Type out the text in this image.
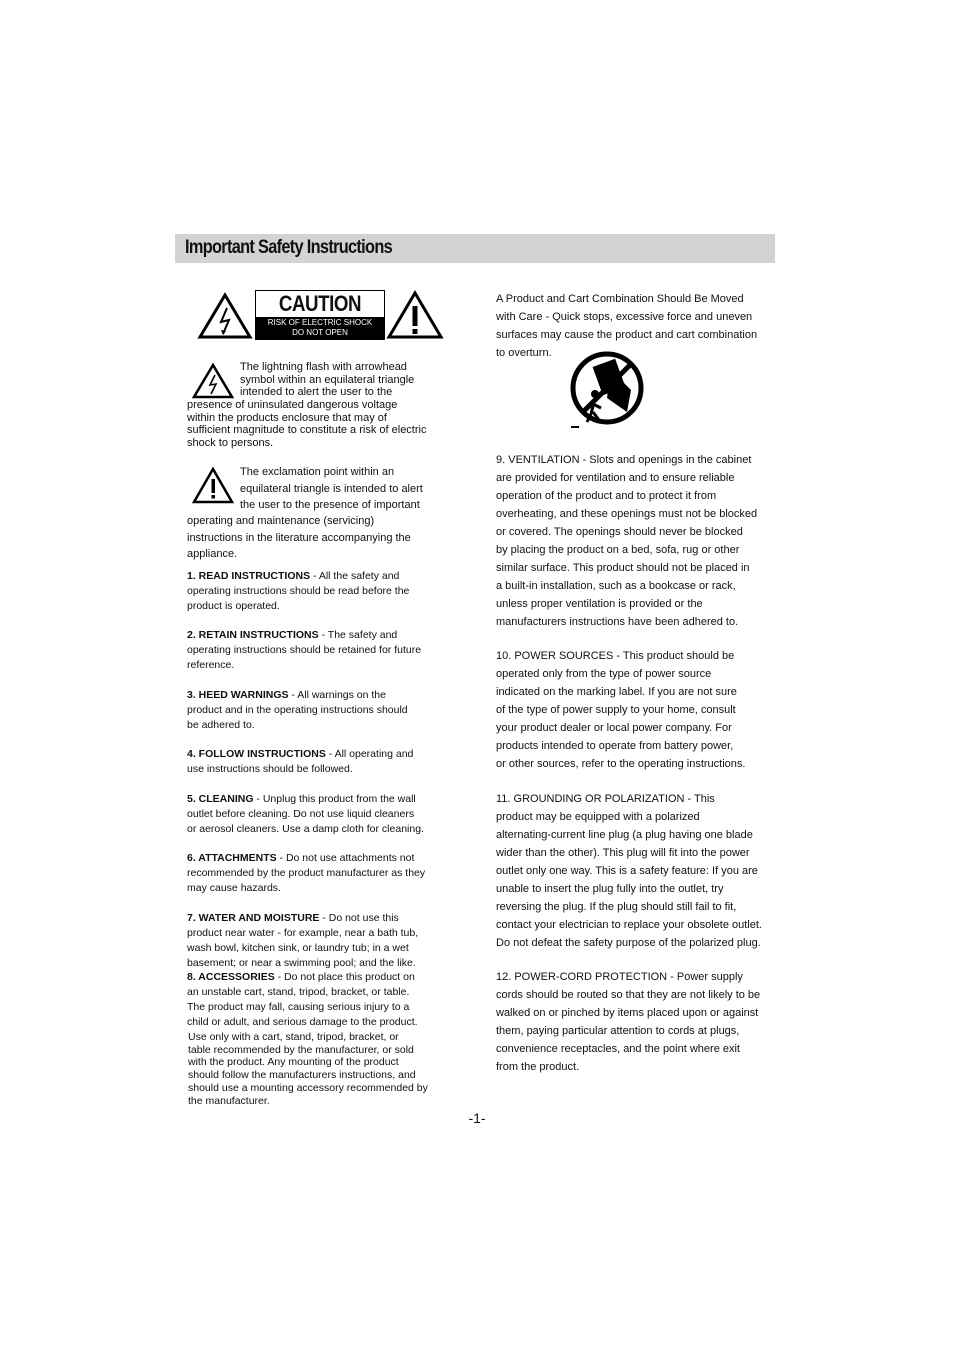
Important Safety Instructions
CAUTION
RISK OF ELECTRIC SHOCK
DO NOT OPEN
The lightning flash with arrowhead
symbol within an equilateral triangle
intended to alert the user to the
presence of uninsulated dangerous voltage
within the products enclosure that may of
sufficient magnitude to constitute a risk of electric
shock to persons.
The exclamation point within an
equilateral triangle is intended to alert
the user to the presence of important
operating and maintenance (servicing)
instructions in the literature accompanying the
appliance.
1. READ INSTRUCTIONS - All the safety and
operating instructions should be read before the
product is operated.
2. RETAIN INSTRUCTIONS - The safety and
operating instructions should be retained for future
reference.
3. HEED WARNINGS - All warnings on the
product and in the operating instructions should
be adhered to.
4. FOLLOW INSTRUCTIONS - All operating and
use instructions should be followed.
5. CLEANING - Unplug this product from the wall
outlet before cleaning. Do not use liquid cleaners
or aerosol cleaners. Use a damp cloth for cleaning.
6. ATTACHMENTS - Do not use attachments not
recommended by the product manufacturer as they
may cause hazards.
7. WATER AND MOISTURE - Do not use this
product near water - for example, near a bath tub,
wash bowl, kitchen sink, or laundry tub; in a wet
basement; or near a swimming pool; and the like.
8. ACCESSORIES - Do not place this product on
an unstable cart, stand, tripod, bracket, or table.
The product may fall, causing serious injury to a
child or adult, and serious damage to the product.
Use only with a cart, stand, tripod, bracket, or
table recommended by the manufacturer, or sold
with the product. Any mounting of the product
should follow the manufacturers instructions, and
should use a mounting accessory recommended by
the manufacturer.
A Product and Cart Combination Should Be Moved
with Care - Quick stops, excessive force and uneven
surfaces may cause the product and cart combination
to overturn.
9. VENTILATION - Slots and openings in the cabinet
are provided for ventilation and to ensure reliable
operation of the product and to protect it from
overheating, and these openings must not be blocked
or covered. The openings should never be blocked
by placing the product on a bed, sofa, rug or other
similar surface. This product should not be placed in
a built-in installation, such as a bookcase or rack,
unless proper ventilation is provided or the
manufacturers instructions have been adhered to.
10. POWER SOURCES - This product should be
operated only from the type of power source
indicated on the marking label. If you are not sure
of the type of power supply to your home, consult
your product dealer or local power company. For
products intended to operate from battery power,
or other sources, refer to the operating instructions.
11. GROUNDING OR POLARIZATION - This
product may be equipped with a polarized
alternating-current line plug (a plug having one blade
wider than the other). This plug will fit into the power
outlet only one way. This is a safety feature: If you are
unable to insert the plug fully into the outlet, try
reversing the plug. If the plug should still fail to fit,
contact your electrician to replace your obsolete outlet.
Do not defeat the safety purpose of the polarized plug.
12. POWER-CORD PROTECTION - Power supply
cords should be routed so that they are not likely to be
walked on or pinched by items placed upon or against
them, paying particular attention to cords at plugs,
convenience receptacles, and the point where exit
from the product.
-1-
